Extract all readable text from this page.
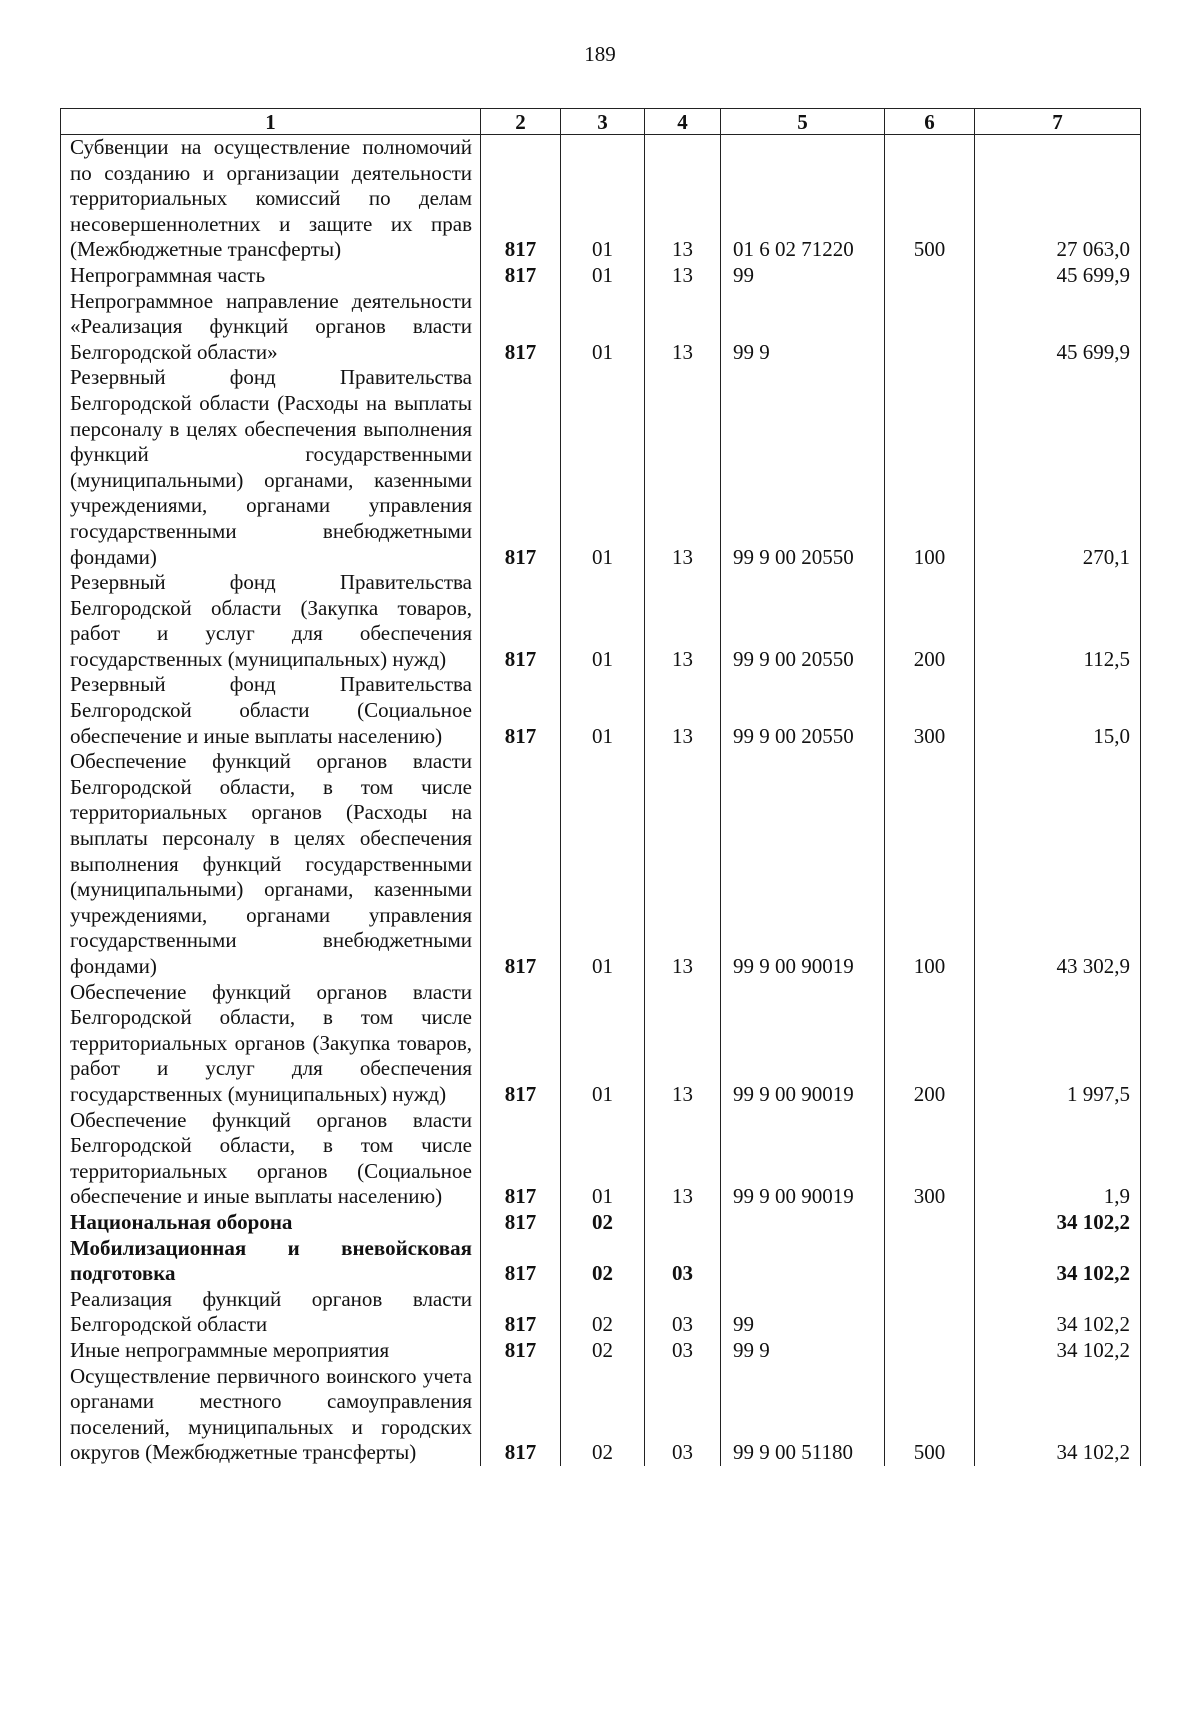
189
1	2	3	4	5	6	7
Субвенции на осуществление полномочий по созданию и организации деятельности территориальных комиссий по делам несовершеннолетних и защите их прав (Межбюджетные трансферты)	817	01	13	01 6 02 71220	500	27 063,0
Непрограммная часть	817	01	13	99		45 699,9
Непрограммное направление деятельности «Реализация функций органов власти Белгородской области»	817	01	13	99 9		45 699,9
Резервный фонд Правительства Белгородской области (Расходы на выплаты персоналу в целях обеспечения выполнения функций государственными (муниципальными) органами, казенными учреждениями, органами управления государственными внебюджетными фондами)	817	01	13	99 9 00 20550	100	270,1
Резервный фонд Правительства Белгородской области (Закупка товаров, работ и услуг для обеспечения государственных (муниципальных) нужд)	817	01	13	99 9 00 20550	200	112,5
Резервный фонд Правительства Белгородской области (Социальное обеспечение и иные выплаты населению)	817	01	13	99 9 00 20550	300	15,0
Обеспечение функций органов власти Белгородской области, в том числе территориальных органов (Расходы на выплаты персоналу в целях обеспечения выполнения функций государственными (муниципальными) органами, казенными учреждениями, органами управления государственными внебюджетными фондами)	817	01	13	99 9 00 90019	100	43 302,9
Обеспечение функций органов власти Белгородской области, в том числе территориальных органов (Закупка товаров, работ и услуг для обеспечения государственных (муниципальных) нужд)	817	01	13	99 9 00 90019	200	1 997,5
Обеспечение функций органов власти Белгородской области, в том числе территориальных органов (Социальное обеспечение и иные выплаты населению)	817	01	13	99 9 00 90019	300	1,9
Национальная оборона	817	02				34 102,2
Мобилизационная и вневойсковая подготовка	817	02	03			34 102,2
Реализация функций органов власти Белгородской области	817	02	03	99		34 102,2
Иные непрограммные мероприятия	817	02	03	99 9		34 102,2
Осуществление первичного воинского учета органами местного самоуправления поселений, муниципальных и городских округов (Межбюджетные трансферты)	817	02	03	99 9 00 51180	500	34 102,2
